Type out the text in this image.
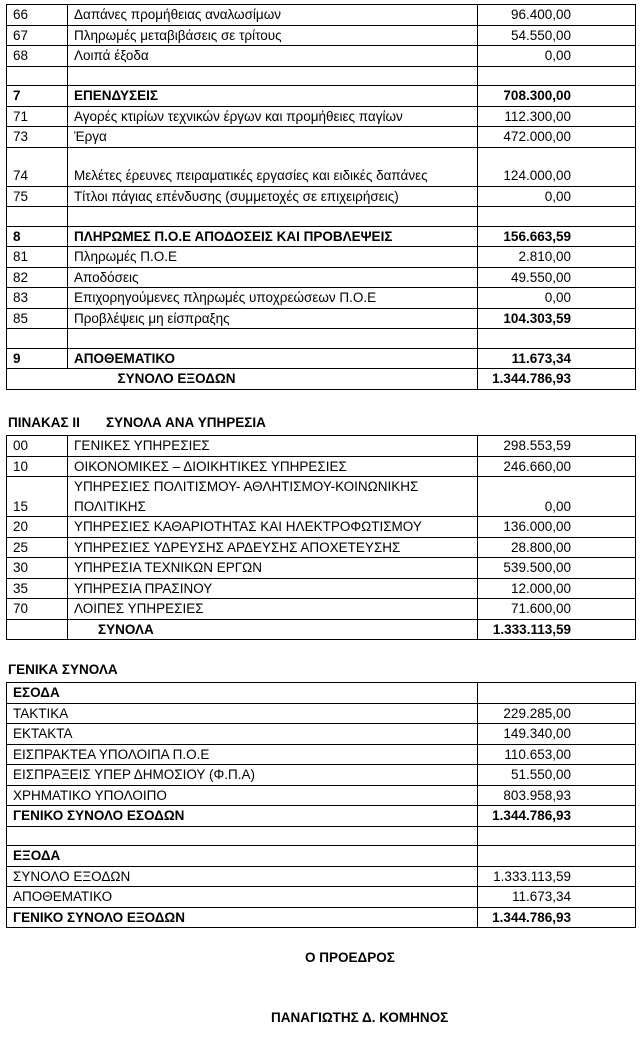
66	Δαπάνες προμήθειας αναλωσίμων	96.400,00
67	Πληρωμές μεταβιβάσεις σε τρίτους	54.550,00
68	Λοιπά έξοδα	0,00

7	ΕΠΕΝΔΥΣΕΙΣ	708.300,00
71	Αγορές κτιρίων τεχνικών έργων και προμήθειες παγίων	112.300,00
73	Έργα	472.000,00
74	Μελέτες έρευνες πειραματικές εργασίες και ειδικές δαπάνες	124.000,00
75	Τίτλοι πάγιας επένδυσης (συμμετοχές σε επιχειρήσεις)	0,00

8	ΠΛΗΡΩΜΕΣ Π.Ο.Ε ΑΠΟΔΟΣΕΙΣ ΚΑΙ ΠΡΟΒΛΕΨΕΙΣ	156.663,59
81	Πληρωμές Π.Ο.Ε	2.810,00
82	Αποδόσεις	49.550,00
83	Επιχορηγούμενες πληρωμές υποχρεώσεων Π.Ο.Ε	0,00
85	Προβλέψεις μη είσπραξης	104.303,59

9	ΑΠΟΘΕΜΑΤΙΚΟ	11.673,34
	ΣΥΝΟΛΟ ΕΞΟΔΩΝ	1.344.786,93
ΠΙΝΑΚΑΣ ΙΙ ΣΥΝΟΛΑ ΑΝΑ ΥΠΗΡΕΣΙΑ
00	ΓΕΝΙΚΕΣ ΥΠΗΡΕΣΙΕΣ	298.553,59
10	ΟΙΚΟΝΟΜΙΚΕΣ – ΔΙΟΙΚΗΤΙΚΕΣ ΥΠΗΡΕΣΙΕΣ	246.660,00
15	ΥΠΗΡΕΣΙΕΣ ΠΟΛΙΤΙΣΜΟΥ- ΑΘΛΗΤΙΣΜΟΥ-ΚΟΙΝΩΝΙΚΗΣ ΠΟΛΙΤΙΚΗΣ	0,00
20	ΥΠΗΡΕΣΙΕΣ ΚΑΘΑΡΙΟΤΗΤΑΣ ΚΑΙ ΗΛΕΚΤΡΟΦΩΤΙΣΜΟΥ	136.000,00
25	ΥΠΗΡΕΣΙΕΣ ΥΔΡΕΥΣΗΣ ΑΡΔΕΥΣΗΣ ΑΠΟΧΕΤΕΥΣΗΣ	28.800,00
30	ΥΠΗΡΕΣΙΑ ΤΕΧΝΙΚΩΝ ΕΡΓΩΝ	539.500,00
35	ΥΠΗΡΕΣΙΑ ΠΡΑΣΙΝΟΥ	12.000,00
70	ΛΟΙΠΕΣ ΥΠΗΡΕΣΙΕΣ	71.600,00
	ΣΥΝΟΛΑ	1.333.113,59
ΓΕΝΙΚΑ ΣΥΝΟΛΑ
ΕΣΟΔΑ	
ΤΑΚΤΙΚΑ	229.285,00
ΕΚΤΑΚΤΑ	149.340,00
ΕΙΣΠΡΑΚΤΕΑ ΥΠΟΛΟΙΠΑ Π.Ο.Ε	110.653,00
ΕΙΣΠΡΑΞΕΙΣ ΥΠΕΡ ΔΗΜΟΣΙΟΥ (Φ.Π.Α)	51.550,00
ΧΡΗΜΑΤΙΚΟ ΥΠΟΛΟΙΠΟ	803.958,93
ΓΕΝΙΚΟ ΣΥΝΟΛΟ ΕΣΟΔΩΝ	1.344.786,93

ΕΞΟΔΑ	
ΣΥΝΟΛΟ ΕΞΟΔΩΝ	1.333.113,59
ΑΠΟΘΕΜΑΤΙΚΟ	11.673,34
ΓΕΝΙΚΟ ΣΥΝΟΛΟ ΕΞΟΔΩΝ	1.344.786,93
Ο ΠΡΟΕΔΡΟΣ
ΠΑΝΑΓΙΩΤΗΣ Δ. ΚΟΜΗΝΟΣ
